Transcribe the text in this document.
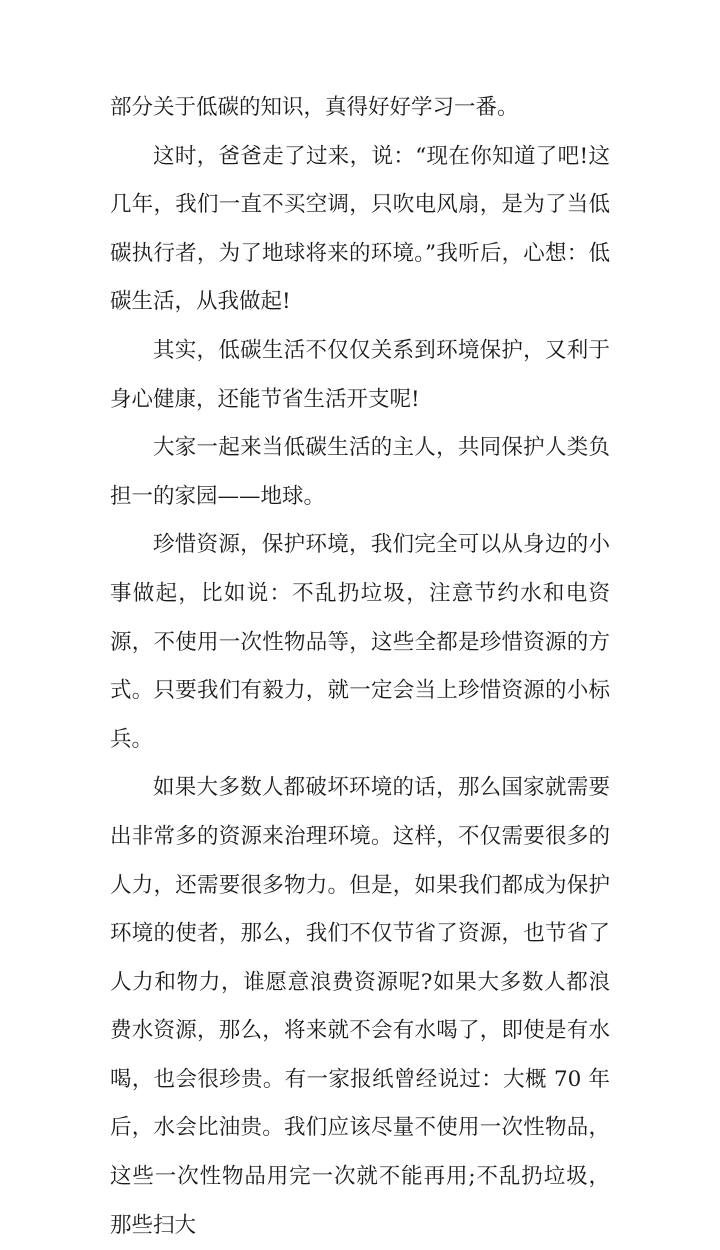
部分关于低碳的知识，真得好好学习一番。

这时，爸爸走了过来，说：“现在你知道了吧!这几年，我们一直不买空调，只吹电风扇，是为了当低碳执行者，为了地球将来的环境。”我听后，心想：低碳生活，从我做起!

其实，低碳生活不仅仅关系到环境保护，又利于身心健康，还能节省生活开支呢!

大家一起来当低碳生活的主人，共同保护人类负担一的家园——地球。

珍惜资源，保护环境，我们完全可以从身边的小事做起，比如说：不乱扔垃圾，注意节约水和电资源，不使用一次性物品等，这些全都是珍惜资源的方式。只要我们有毅力，就一定会当上珍惜资源的小标兵。

如果大多数人都破坏环境的话，那么国家就需要出非常多的资源来治理环境。这样，不仅需要很多的人力，还需要很多物力。但是，如果我们都成为保护环境的使者，那么，我们不仅节省了资源，也节省了人力和物力，谁愿意浪费资源呢?如果大多数人都浪费水资源，那么，将来就不会有水喝了，即使是有水喝，也会很珍贵。有一家报纸曾经说过：大概 70 年后，水会比油贵。我们应该尽量不使用一次性物品，这些一次性物品用完一次就不能再用;不乱扔垃圾，那些扫大
